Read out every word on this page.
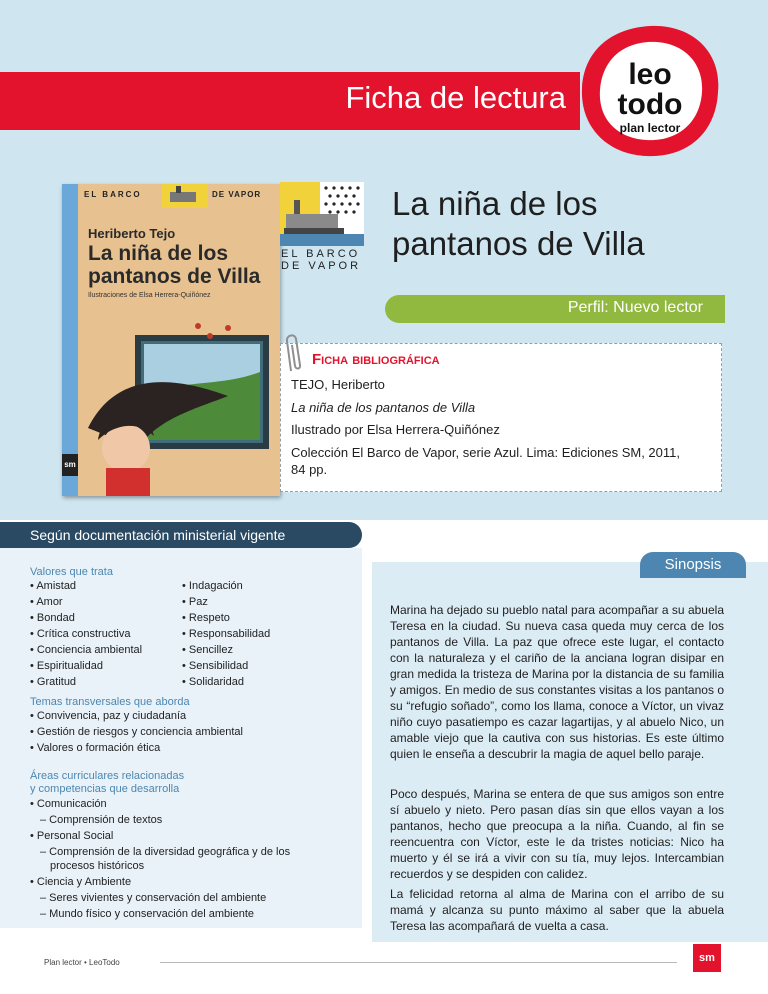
Ficha de lectura
leo
todo
plan lector
EL BARCO	DE VAPOR
Heriberto Tejo
La niña de los pantanos de Villa
Ilustraciones de Elsa Herrera-Quiñónez
sm
EL BARCO
DE VAPOR
La niña de los
pantanos de Villa
Perfil: Nuevo lector
Ficha bibliográfica
TEJO, Heriberto
La niña de los pantanos de Villa
Ilustrado por Elsa Herrera-Quiñónez
Colección El Barco de Vapor, serie Azul. Lima: Ediciones SM, 2011,
84 pp.
Según documentación ministerial vigente
Valores que trata
• Amistad
• Amor
• Bondad
• Crítica constructiva
• Conciencia ambiental
• Espiritualidad
• Gratitud
• Indagación
• Paz
• Respeto
• Responsabilidad
• Sencillez
• Sensibilidad
• Solidaridad
Temas transversales que aborda
• Convivencia, paz y ciudadanía
• Gestión de riesgos y conciencia ambiental
• Valores o formación ética
Áreas curriculares relacionadas
y competencias que desarrolla
• Comunicación
– Comprensión de textos
• Personal Social
– Comprensión de la diversidad geográfica y de los
procesos históricos
• Ciencia y Ambiente
– Seres vivientes y conservación del ambiente
– Mundo físico y conservación del ambiente
Sinopsis
Marina ha dejado su pueblo natal para acompañar a su abuela Teresa en la ciudad. Su nueva casa queda muy cerca de los pantanos de Villa. La paz que ofrece este lugar, el contacto con la naturaleza y el cariño de la anciana logran disipar en gran medida la tristeza de Marina por la distancia de su familia y amigos. En medio de sus constantes visitas a los pantanos o su “refugio soñado”, como los llama, conoce a Víctor, un vivaz niño cuyo pasatiempo es cazar lagartijas, y al abuelo Nico, un amable viejo que la cautiva con sus historias. Es este último quien le enseña a descubrir la magia de aquel bello paraje.
Poco después, Marina se entera de que sus amigos son entre sí abuelo y nieto. Pero pasan días sin que ellos vayan a los pantanos, hecho que preocupa a la niña. Cuando, al fin se reencuentra con Víctor, este le da tristes noticias: Nico ha muerto y él se irá a vivir con su tía, muy lejos. Intercambian recuerdos y se despiden con calidez.
La felicidad retorna al alma de Marina con el arribo de su mamá y alcanza su punto máximo al saber que la abuela Teresa las acompañará de vuelta a casa.
Plan lector • LeoTodo	sm
